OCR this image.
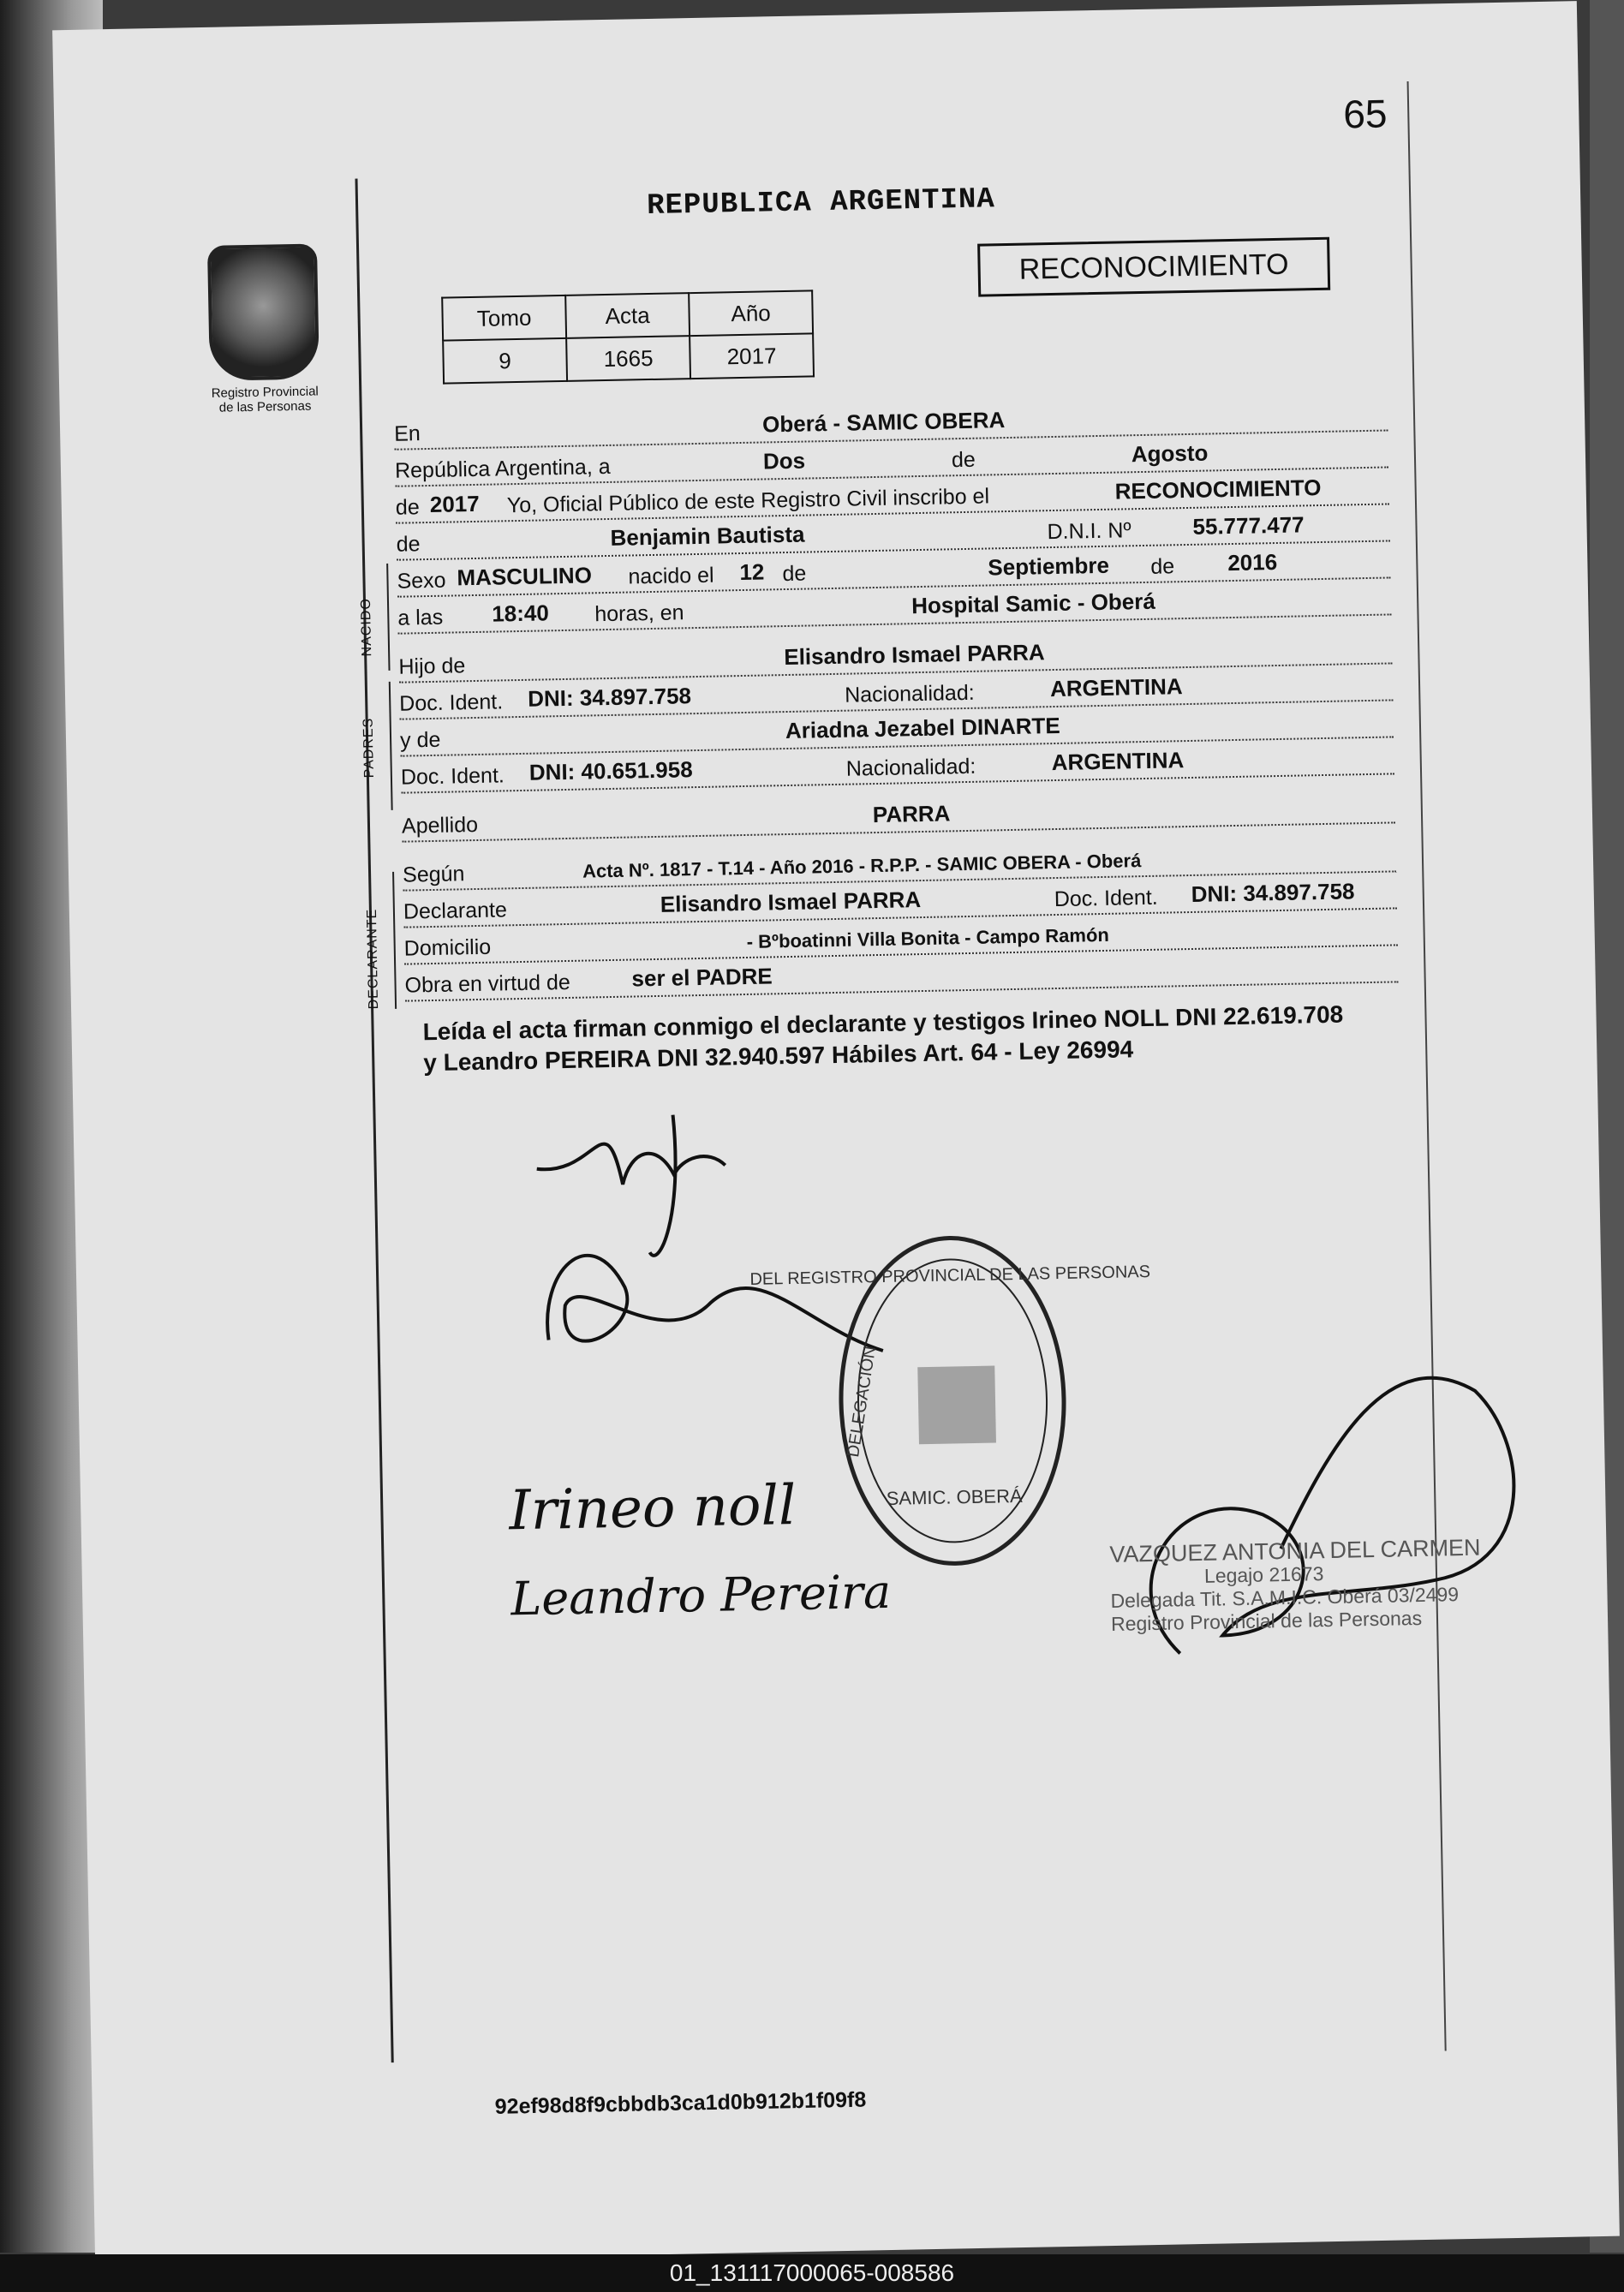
65
Registro Provincial
de las Personas
REPUBLICA ARGENTINA
RECONOCIMIENTO
Tomo	Acta	Año
9	1665	2017
NACIDO
PADRES
DECLARANTE
En	Oberá - SAMIC OBERA
República Argentina, a	Dos	de	Agosto
de 2017 Yo, Oficial Público de este Registro Civil inscribo el	RECONOCIMIENTO
de	Benjamin Bautista	D.N.I. Nº	55.777.477
Sexo MASCULINO nacido el 12 de	Septiembre de 2016
a las 18:40 horas, en	Hospital Samic - Oberá
Hijo de	Elisandro Ismael PARRA
Doc. Ident. DNI: 34.897.758	Nacionalidad:	ARGENTINA
y de	Ariadna Jezabel DINARTE
Doc. Ident. DNI: 40.651.958	Nacionalidad:	ARGENTINA
Apellido	PARRA
Según	Acta Nº. 1817 - T.14 - Año 2016 - R.P.P. - SAMIC OBERA - Oberá
Declarante	Elisandro Ismael PARRA	Doc. Ident. DNI: 34.897.758
Domicilio	- Bºboatinni Villa Bonita - Campo Ramón
Obra en virtud de	ser el PADRE
Leída el acta firman conmigo el declarante y testigos Irineo NOLL DNI 22.619.708
y Leandro PEREIRA DNI 32.940.597 Hábiles Art. 64 - Ley 26994
DEL REGISTRO PROVINCIAL DE LAS PERSONAS
DELEGACIÓN
SAMIC. OBERÁ
Irineo noll
Leandro Pereira
VAZQUEZ ANTONIA DEL CARMEN
Legajo 21673
Delegada Tit. S.A.M.I.C. Oberá 03/2499
Registro Provincial de las Personas
92ef98d8f9cbbdb3ca1d0b912b1f09f8
01_131117000065-008586
